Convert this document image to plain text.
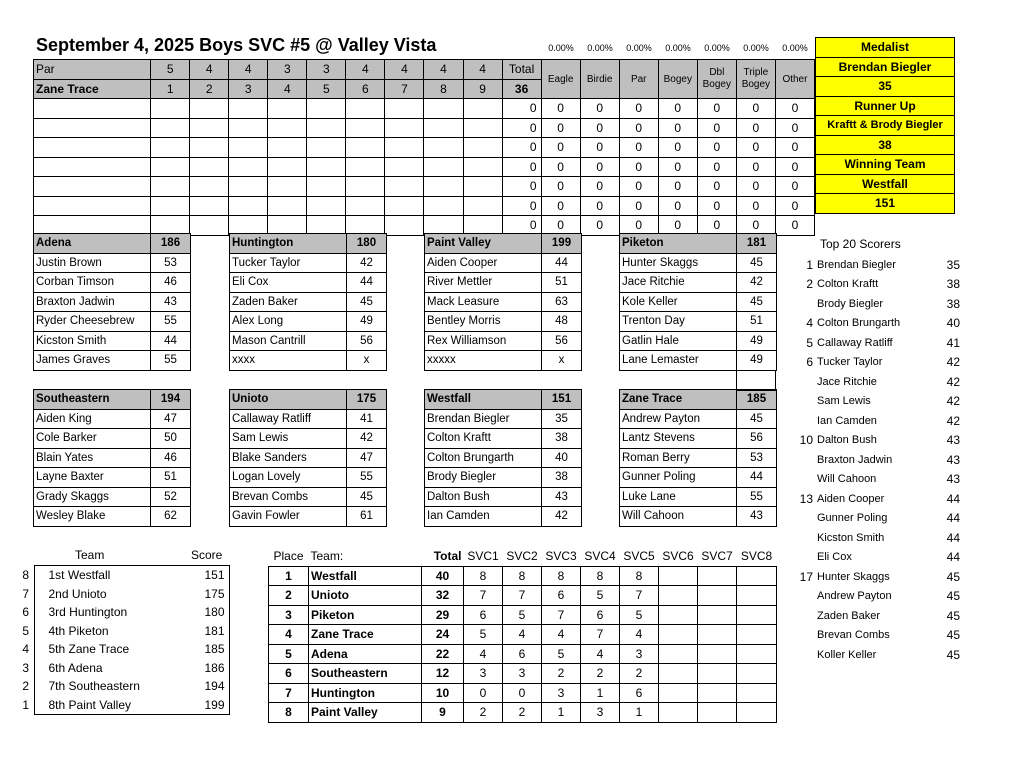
September 4, 2025 Boys SVC #5 @ Valley Vista	0.00%	0.00%	0.00%	0.00%	0.00%	0.00%	0.00%
Par	5	4	4	3	3	4	4	4	4	Total	Eagle	Birdie	Par	Bogey	Dbl Bogey	Triple Bogey	Other
Zane Trace	1	2	3	4	5	6	7	8	9	36							
										0	0	0	0	0	0	0	0
										0	0	0	0	0	0	0	0
										0	0	0	0	0	0	0	0
										0	0	0	0	0	0	0	0
										0	0	0	0	0	0	0	0
										0	0	0	0	0	0	0	0
										0	0	0	0	0	0	0	0
Medalist
Brendan Biegler
35
Runner Up
Kraftt & Brody Biegler
38
Winning Team
Westfall
151
Adena	186
Justin Brown	53
Corban Timson	46
Braxton Jadwin	43
Ryder Cheesebrew	55
Kicston Smith	44
James Graves	55
Huntington	180
Tucker Taylor	42
Eli Cox	44
Zaden Baker	45
Alex Long	49
Mason Cantrill	56
xxxx	x
Paint Valley	199
Aiden Cooper	44
River Mettler	51
Mack Leasure	63
Bentley Morris	48
Rex Williamson	56
xxxxx	x
Piketon	181
Hunter Skaggs	45
Jace Ritchie	42
Kole Keller	45
Trenton Day	51
Gatlin Hale	49
Lane Lemaster	49
Southeastern	194
Aiden King	47
Cole Barker	50
Blain Yates	46
Layne Baxter	51
Grady Skaggs	52
Wesley Blake	62
Unioto	175
Callaway Ratliff	41
Sam Lewis	42
Blake Sanders	47
Logan Lovely	55
Brevan Combs	45
Gavin Fowler	61
Westfall	151
Brendan Biegler	35
Colton Kraftt	38
Colton Brungarth	40
Brody Biegler	38
Dalton Bush	43
Ian Camden	42
Zane Trace	185
Andrew Payton	45
Lantz Stevens	56
Roman Berry	53
Gunner Poling	44
Luke Lane	55
Will Cahoon	43
Top 20 Scorers
1	Brendan Biegler	35
2	Colton Kraftt	38
	Brody Biegler	38
4	Colton Brungarth	40
5	Callaway Ratliff	41
6	Tucker Taylor	42
	Jace Ritchie	42
	Sam Lewis	42
	Ian Camden	42
10	Dalton Bush	43
	Braxton Jadwin	43
	Will Cahoon	43
13	Aiden Cooper	44
	Gunner Poling	44
	Kicston Smith	44
	Eli Cox	44
17	Hunter Skaggs	45
	Andrew Payton	45
	Zaden Baker	45
	Brevan Combs	45
	Koller Keller	45
Team	Score
8	1st Westfall	151
7	2nd Unioto	175
6	3rd Huntington	180
5	4th Piketon	181
4	5th Zane Trace	185
3	6th Adena	186
2	7th Southeastern	194
1	8th Paint Valley	199
Place	Team:	Total	SVC1	SVC2	SVC3	SVC4	SVC5	SVC6	SVC7	SVC8
1	Westfall	40	8	8	8	8	8			
2	Unioto	32	7	7	6	5	7			
3	Piketon	29	6	5	7	6	5			
4	Zane Trace	24	5	4	4	7	4			
5	Adena	22	4	6	5	4	3			
6	Southeastern	12	3	3	2	2	2			
7	Huntington	10	0	0	3	1	6			
8	Paint Valley	9	2	2	1	3	1			
